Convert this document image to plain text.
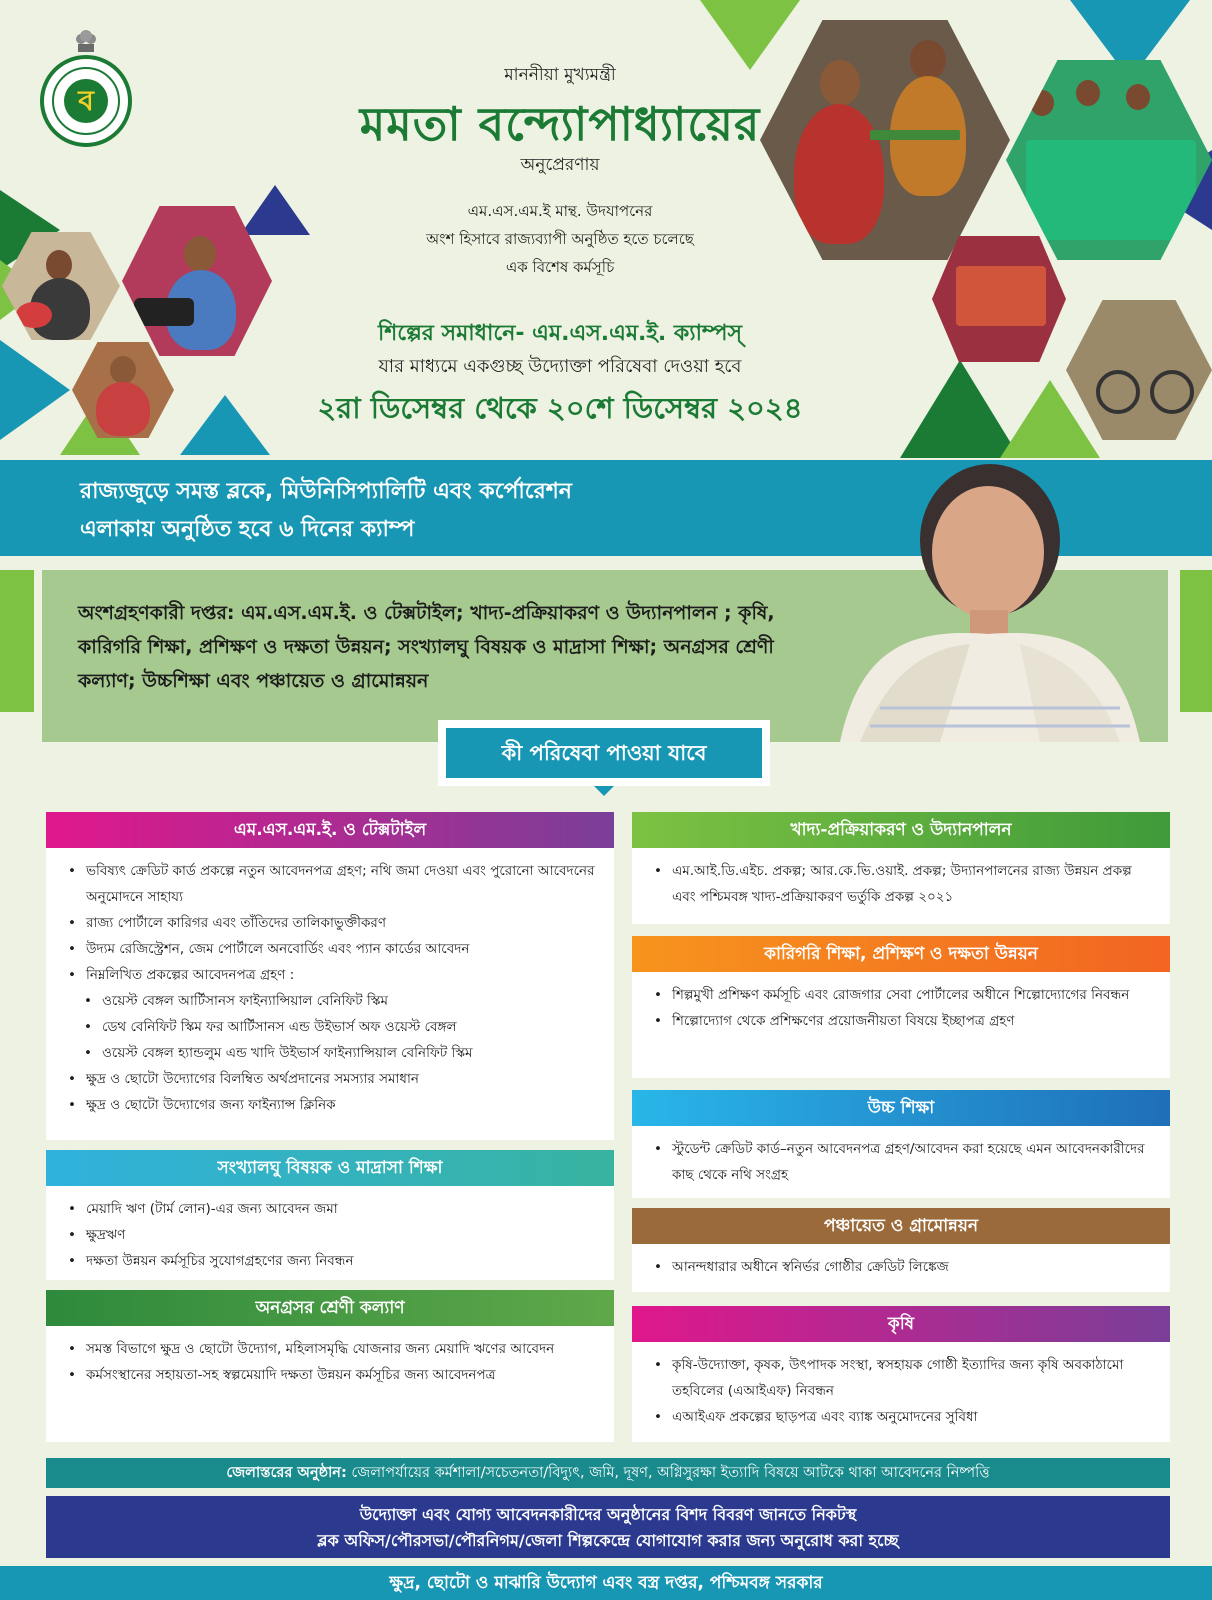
ব
মাননীয়া মুখ্যমন্ত্রী
মমতা বন্দ্যোপাধ্যায়ের
অনুপ্রেরণায়
এম.এস.এম.ই মান্থ. উদযাপনের
অংশ হিসাবে রাজ্যব্যাপী অনুষ্ঠিত হতে চলেছে
এক বিশেষ কর্মসূচি
শিল্পের সমাধানে- এম.এস.এম.ই. ক্যাম্পস্
যার মাধ্যমে একগুচ্ছ উদ্যোক্তা পরিষেবা দেওয়া হবে
২রা ডিসেম্বর থেকে ২০শে ডিসেম্বর ২০২৪
রাজ্যজুড়ে সমস্ত ব্লকে, মিউনিসিপ্যালিটি এবং কর্পোরেশন
এলাকায় অনুষ্ঠিত হবে ৬ দিনের ক্যাম্প
অংশগ্রহণকারী দপ্তর: এম.এস.এম.ই. ও টেক্সটাইল; খাদ্য-প্রক্রিয়াকরণ ও উদ্যানপালন ; কৃষি, কারিগরি শিক্ষা, প্রশিক্ষণ ও দক্ষতা উন্নয়ন; সংখ্যালঘু বিষয়ক ও মাদ্রাসা শিক্ষা; অনগ্রসর শ্রেণী কল্যাণ; উচ্চশিক্ষা এবং পঞ্চায়েত ও গ্রামোন্নয়ন
কী পরিষেবা পাওয়া যাবে
এম.এস.এম.ই. ও টেক্সটাইল
• ভবিষ্যৎ ক্রেডিট কার্ড প্রকল্পে নতুন আবেদনপত্র গ্রহণ; নথি জমা দেওয়া এবং পুরোনো আবেদনের অনুমোদনে সাহায্য
• রাজ্য পোর্টালে কারিগর এবং তাঁতিদের তালিকাভুক্তীকরণ
• উদ্যম রেজিস্ট্রেশন, জেম পোর্টালে অনবোর্ডিং এবং প্যান কার্ডের আবেদন
• নিম্নলিখিত প্রকল্পের আবেদনপত্র গ্রহণ :
• ওয়েস্ট বেঙ্গল আর্টিসানস ফাইন্যান্সিয়াল বেনিফিট স্কিম
• ডেথ বেনিফিট স্কিম ফর আর্টিসানস এন্ড উইভার্স অফ ওয়েস্ট বেঙ্গল
• ওয়েস্ট বেঙ্গল হ্যান্ডলুম এন্ড খাদি উইভার্স ফাইন্যান্সিয়াল বেনিফিট স্কিম
• ক্ষুদ্র ও ছোটো উদ্যোগের বিলম্বিত অর্থপ্রদানের সমস্যার সমাধান
• ক্ষুদ্র ও ছোটো উদ্যোগের জন্য ফাইন্যান্স ক্লিনিক
সংখ্যালঘু বিষয়ক ও মাদ্রাসা শিক্ষা
• মেয়াদি ঋণ (টার্ম লোন)-এর জন্য আবেদন জমা
• ক্ষুদ্রঋণ
• দক্ষতা উন্নয়ন কর্মসূচির সুযোগগ্রহণের জন্য নিবন্ধন
অনগ্রসর শ্রেণী কল্যাণ
• সমস্ত বিভাগে ক্ষুদ্র ও ছোটো উদ্যোগ, মহিলাসমৃদ্ধি যোজনার জন্য মেয়াদি ঋণের আবেদন
• কর্মসংস্থানের সহায়তা-সহ স্বল্পমেয়াদি দক্ষতা উন্নয়ন কর্মসূচির জন্য আবেদনপত্র
খাদ্য-প্রক্রিয়াকরণ ও উদ্যানপালন
• এম.আই.ডি.এইচ. প্রকল্প; আর.কে.ভি.ওয়াই. প্রকল্প; উদ্যানপালনের রাজ্য উন্নয়ন প্রকল্প এবং পশ্চিমবঙ্গ খাদ্য-প্রক্রিয়াকরণ ভর্তুকি প্রকল্প ২০২১
কারিগরি শিক্ষা, প্রশিক্ষণ ও দক্ষতা উন্নয়ন
• শিল্পমুখী প্রশিক্ষণ কর্মসূচি এবং রোজগার সেবা পোর্টালের অধীনে শিল্পোদ্যোগের নিবন্ধন
• শিল্পোদ্যোগ থেকে প্রশিক্ষণের প্রয়োজনীয়তা বিষয়ে ইচ্ছাপত্র গ্রহণ
উচ্চ শিক্ষা
• স্টুডেন্ট ক্রেডিট কার্ড–নতুন আবেদনপত্র গ্রহণ/আবেদন করা হয়েছে এমন আবেদনকারীদের কাছ থেকে নথি সংগ্রহ
পঞ্চায়েত ও গ্রামোন্নয়ন
• আনন্দধারার অধীনে স্বনির্ভর গোষ্ঠীর ক্রেডিট লিঙ্কেজ
কৃষি
• কৃষি-উদ্যোক্তা, কৃষক, উৎপাদক সংস্থা, স্বসহায়ক গোষ্ঠী ইত্যাদির জন্য কৃষি অবকাঠামো তহবিলের (এআইএফ) নিবন্ধন
• এআইএফ প্রকল্পের ছাড়পত্র এবং ব্যাঙ্ক অনুমোদনের সুবিধা
জেলাস্তরের অনুষ্ঠান: জেলাপর্যায়ের কর্মশালা/সচেতনতা/বিদ্যুৎ, জমি, দূষণ, অগ্নিসুরক্ষা ইত্যাদি বিষয়ে আটকে থাকা আবেদনের নিষ্পত্তি
উদ্যোক্তা এবং যোগ্য আবেদনকারীদের অনুষ্ঠানের বিশদ বিবরণ জানতে নিকটস্থ
ব্লক অফিস/পৌরসভা/পৌরনিগম/জেলা শিল্পকেন্দ্রে যোগাযোগ করার জন্য অনুরোধ করা হচ্ছে
ক্ষুদ্র, ছোটো ও মাঝারি উদ্যোগ এবং বস্ত্র দপ্তর, পশ্চিমবঙ্গ সরকার
